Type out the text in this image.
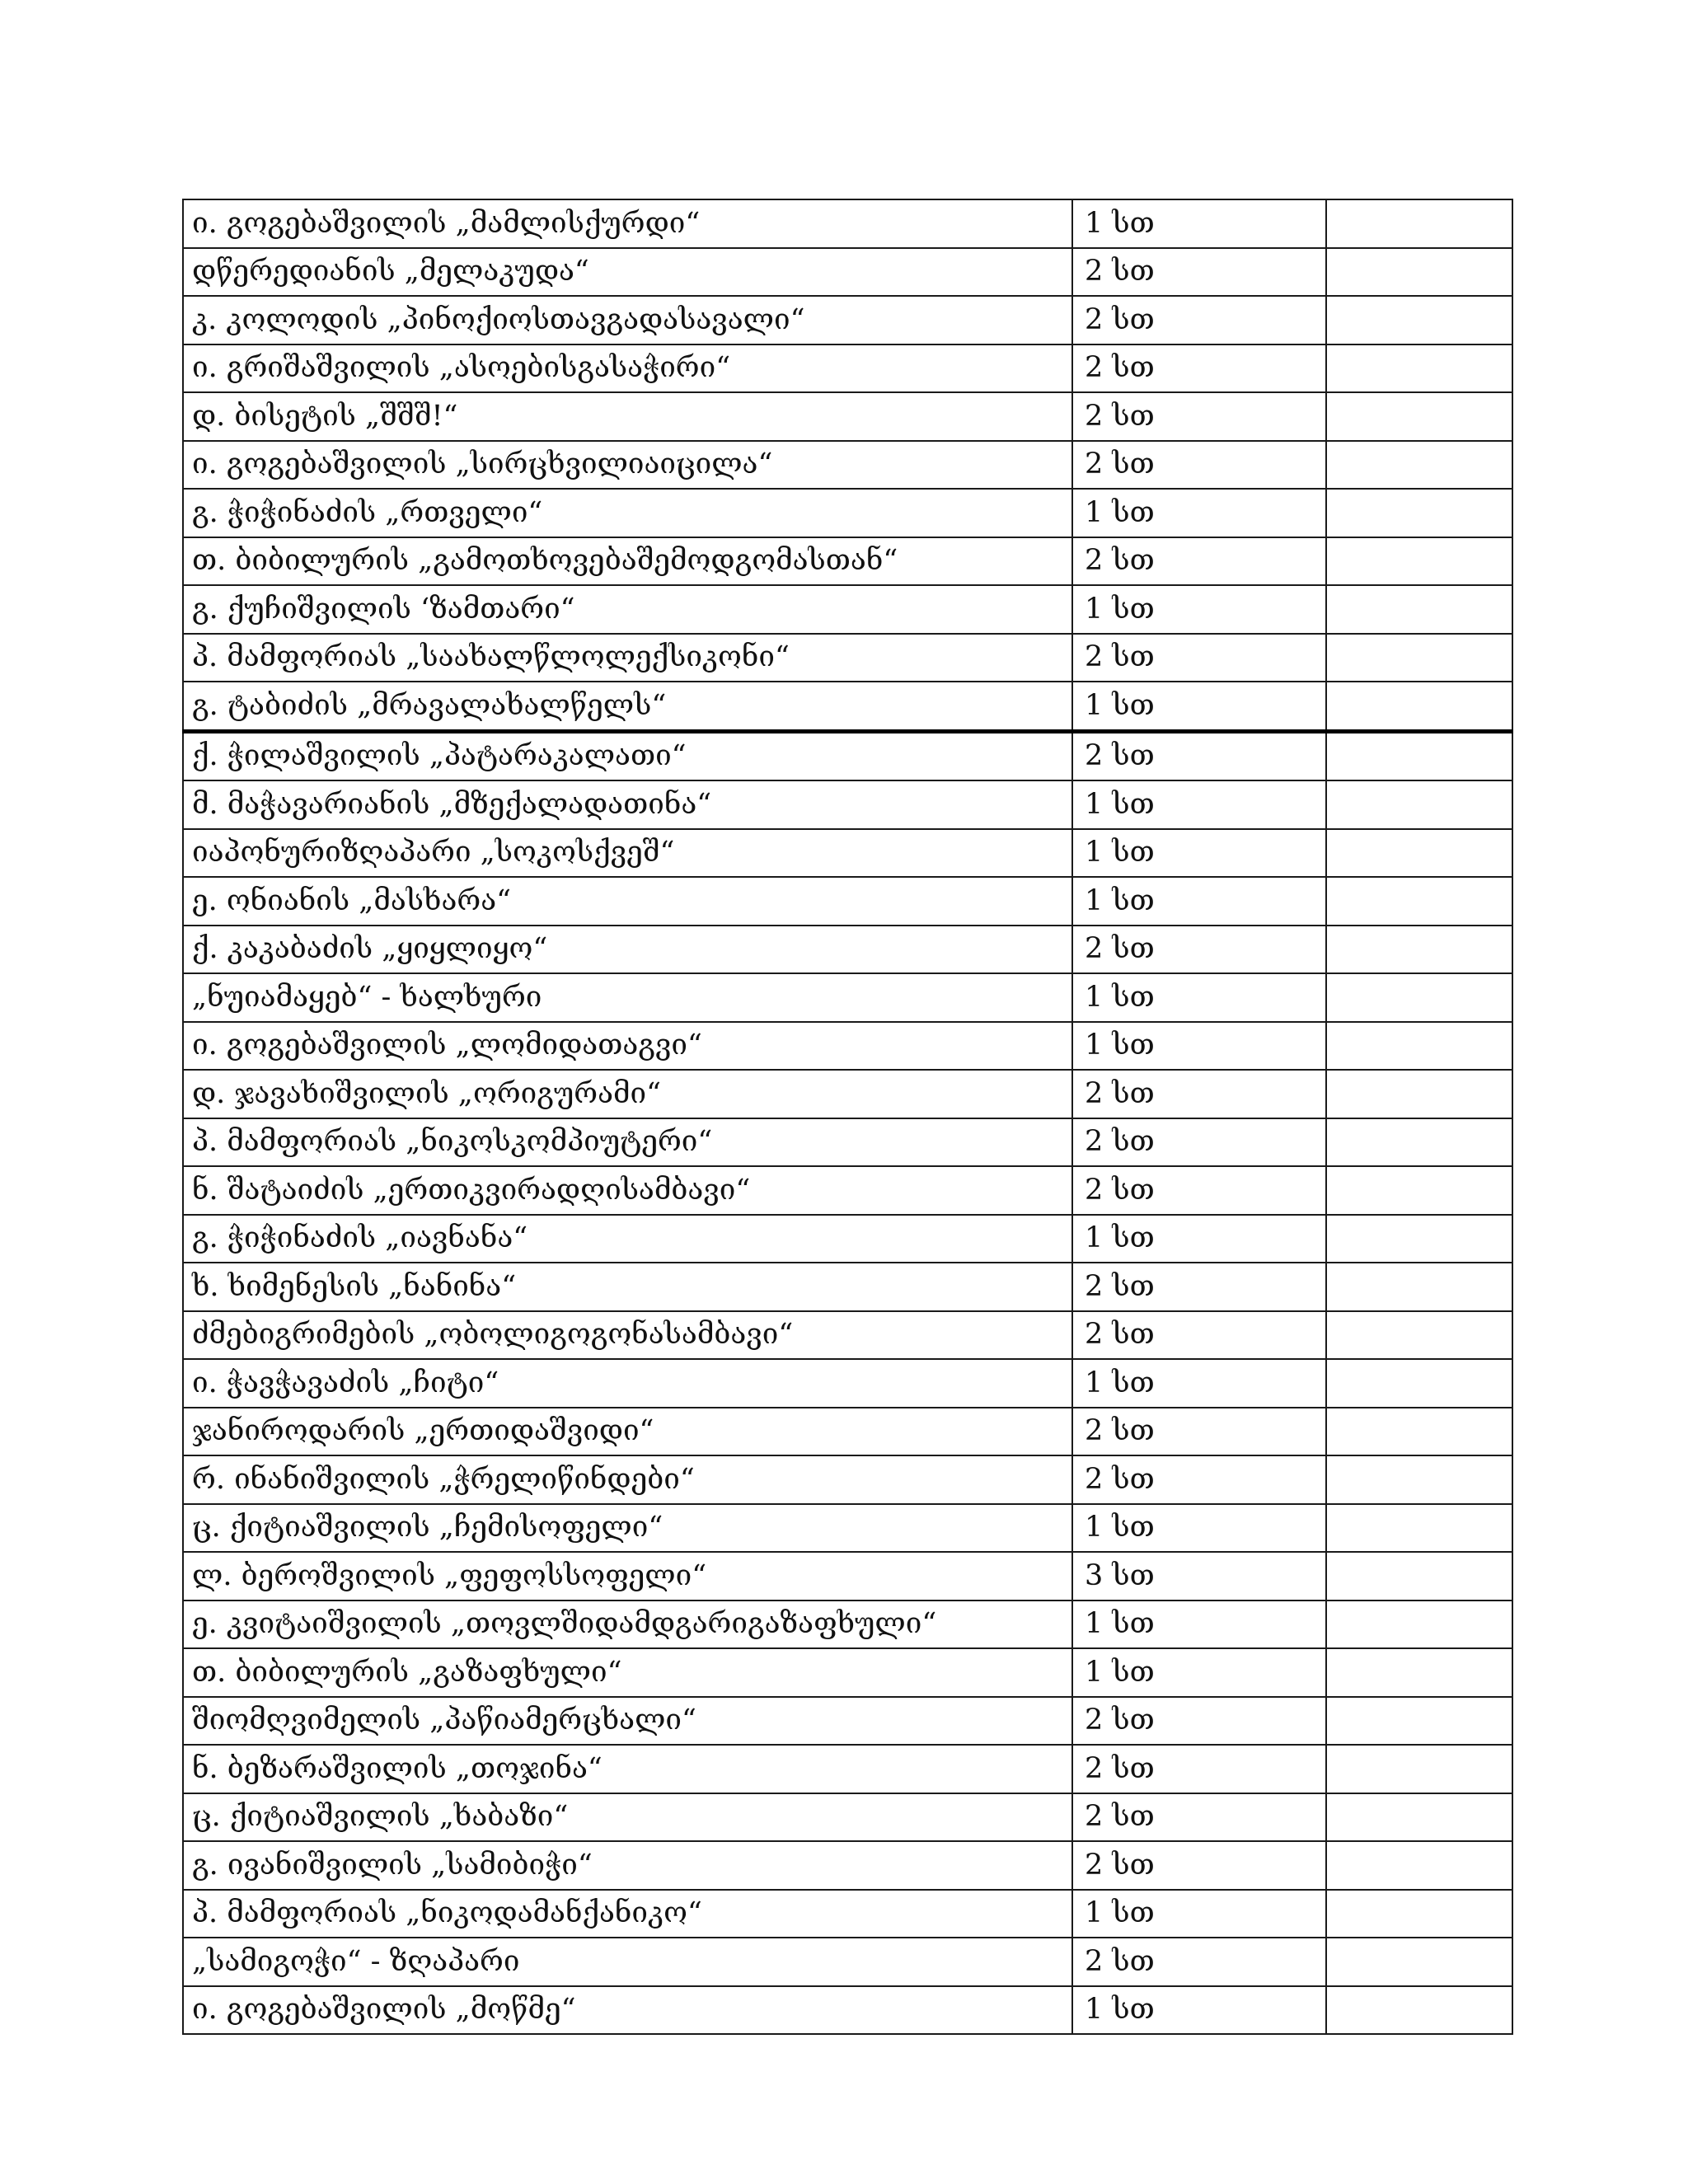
ი. გოგებაშვილის „მამლისქურდი“	1 სთ	
დწერედიანის „მელაკუდა“	2 სთ	
კ. კოლოდის „პინოქიოსთავგადასავალი“	2 სთ	
ი. გრიშაშვილის „ასოებისგასაჭირი“	2 სთ	
დ. ბისეტის „შშშ!“	2 სთ	
ი. გოგებაშვილის „სირცხვილიაიცილა“	2 სთ	
გ. ჭიჭინაძის „რთველი“	1 სთ	
თ. ბიბილურის „გამოთხოვებაშემოდგომასთან“	2 სთ	
გ. ქუჩიშვილის ‘ზამთარი“	1 სთ	
პ. მამფორიას „საახალწლოლექსიკონი“	2 სთ	
გ. ტაბიძის „მრავალახალწელს“	1 სთ	
ქ. ჭილაშვილის „პატარაკალათი“	2 სთ	
მ. მაჭავარიანის „მზექალადათინა“	1 სთ	
იაპონურიზღაპარი „სოკოსქვეშ“	1 სთ	
ე. ონიანის „მასხარა“	1 სთ	
ქ. კაკაბაძის „ყიყლიყო“	2 სთ	
„ნუიამაყებ“ - ხალხური	1 სთ	
ი. გოგებაშვილის „ლომიდათაგვი“	1 სთ	
დ. ჯავახიშვილის „ორიგურამი“	2 სთ	
პ. მამფორიას „ნიკოსკომპიუტერი“	2 სთ	
ნ. შატაიძის „ერთიკვირადღისამბავი“	2 სთ	
გ. ჭიჭინაძის „იავნანა“	1 სთ	
ხ. ხიმენესის „ნანინა“	2 სთ	
ძმებიგრიმების „ობოლიგოგონასამბავი“	2 სთ	
ი. ჭავჭავაძის „ჩიტი“	1 სთ	
ჯანიროდარის „ერთიდაშვიდი“	2 სთ	
რ. ინანიშვილის „ჭრელიწინდები“	2 სთ	
ც. ქიტიაშვილის „ჩემისოფელი“	1 სთ	
ლ. ბეროშვილის „ფეფოსსოფელი“	3 სთ	
ე. კვიტაიშვილის „თოვლშიდამდგარიგაზაფხული“	1 სთ	
თ. ბიბილურის „გაზაფხული“	1 სთ	
შიომღვიმელის „პაწიამერცხალი“	2 სთ	
ნ. ბეზარაშვილის „თოჯინა“	2 სთ	
ც. ქიტიაშვილის „ხაბაზი“	2 სთ	
გ. ივანიშვილის „სამიბიჭი“	2 სთ	
პ. მამფორიას „ნიკოდამანქანიკო“	1 სთ	
„სამიგოჭი“ - ზღაპარი	2 სთ	
ი. გოგებაშვილის „მოწმე“	1 სთ	
